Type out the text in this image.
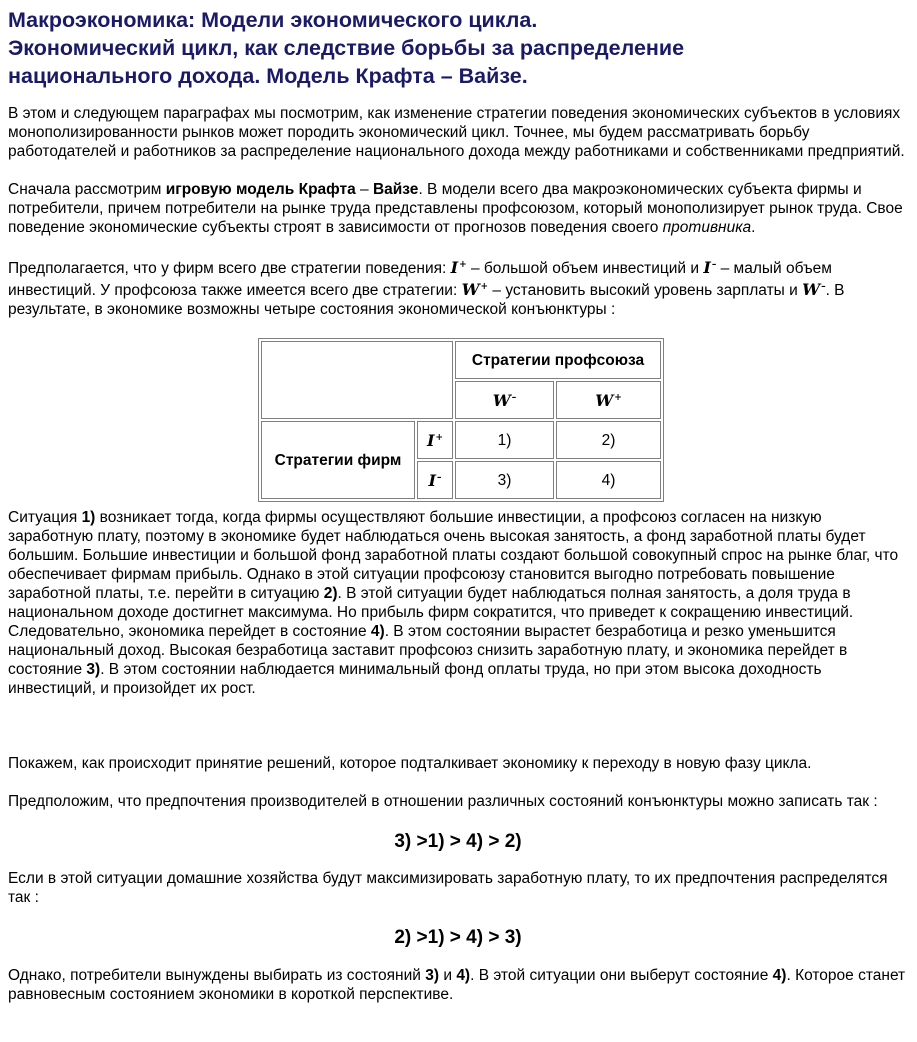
Макроэкономика: Модели экономического цикла.
Экономический цикл, как следствие борьбы за распределение
национального дохода. Модель Крафта – Вайзе.

В этом и следующем параграфах мы посмотрим, как изменение стратегии поведения экономических субъектов в условиях монополизированности рынков может породить экономический цикл. Точнее, мы будем рассматривать борьбу работодателей и работников за распределение национального дохода между работниками и собственниками предприятий.

Сначала рассмотрим игровую модель Крафта – Вайзе. В модели всего два макроэкономических субъекта фирмы и потребители, причем потребители на рынке труда представлены профсоюзом, который монополизирует рынок труда. Свое поведение экономические субъекты строят в зависимости от прогнозов поведения своего противника.

Предполагается, что у фирм всего две стратегии поведения: I+ – большой объем инвестиций и I– – малый объем инвестиций. У профсоюза также имеется всего две стратегии: W+ – установить высокий уровень зарплаты и W–. В результате, в экономике возможны четыре состояния экономической конъюнктуры :

		Стратегии профсоюза	
		W–	W+
Стратегии фирм	I+	1)	2)
	I–	3)	4)

Ситуация 1) возникает тогда, когда фирмы осуществляют большие инвестиции, а профсоюз согласен на низкую заработную плату, поэтому в экономике будет наблюдаться очень высокая занятость, а фонд заработной платы будет большим. Большие инвестиции и большой фонд заработной платы создают большой совокупный спрос на рынке благ, что обеспечивает фирмам прибыль. Однако в этой ситуации профсоюзу становится выгодно потребовать повышение заработной платы, т.е. перейти в ситуацию 2). В этой ситуации будет наблюдаться полная занятость, а доля труда в национальном доходе достигнет максимума. Но прибыль фирм сократится, что приведет к сокращению инвестиций. Следовательно, экономика перейдет в состояние 4). В этом состоянии вырастет безработица и резко уменьшится национальный доход. Высокая безработица заставит профсоюз снизить заработную плату, и экономика перейдет в состояние 3). В этом состоянии наблюдается минимальный фонд оплаты труда, но при этом высока доходность инвестиций, и произойдет их рост.

Покажем, как происходит принятие решений, которое подталкивает экономику к переходу в новую фазу цикла.

Предположим, что предпочтения производителей в отношении различных состояний конъюнктуры можно записать так :

3) >1) > 4) > 2)

Если в этой ситуации домашние хозяйства будут максимизировать заработную плату, то их предпочтения распределятся так :

2) >1) > 4) > 3)

Однако, потребители вынуждены выбирать из состояний 3) и 4). В этой ситуации они выберут состояние 4). Которое станет равновесным состоянием экономики в короткой перспективе.
